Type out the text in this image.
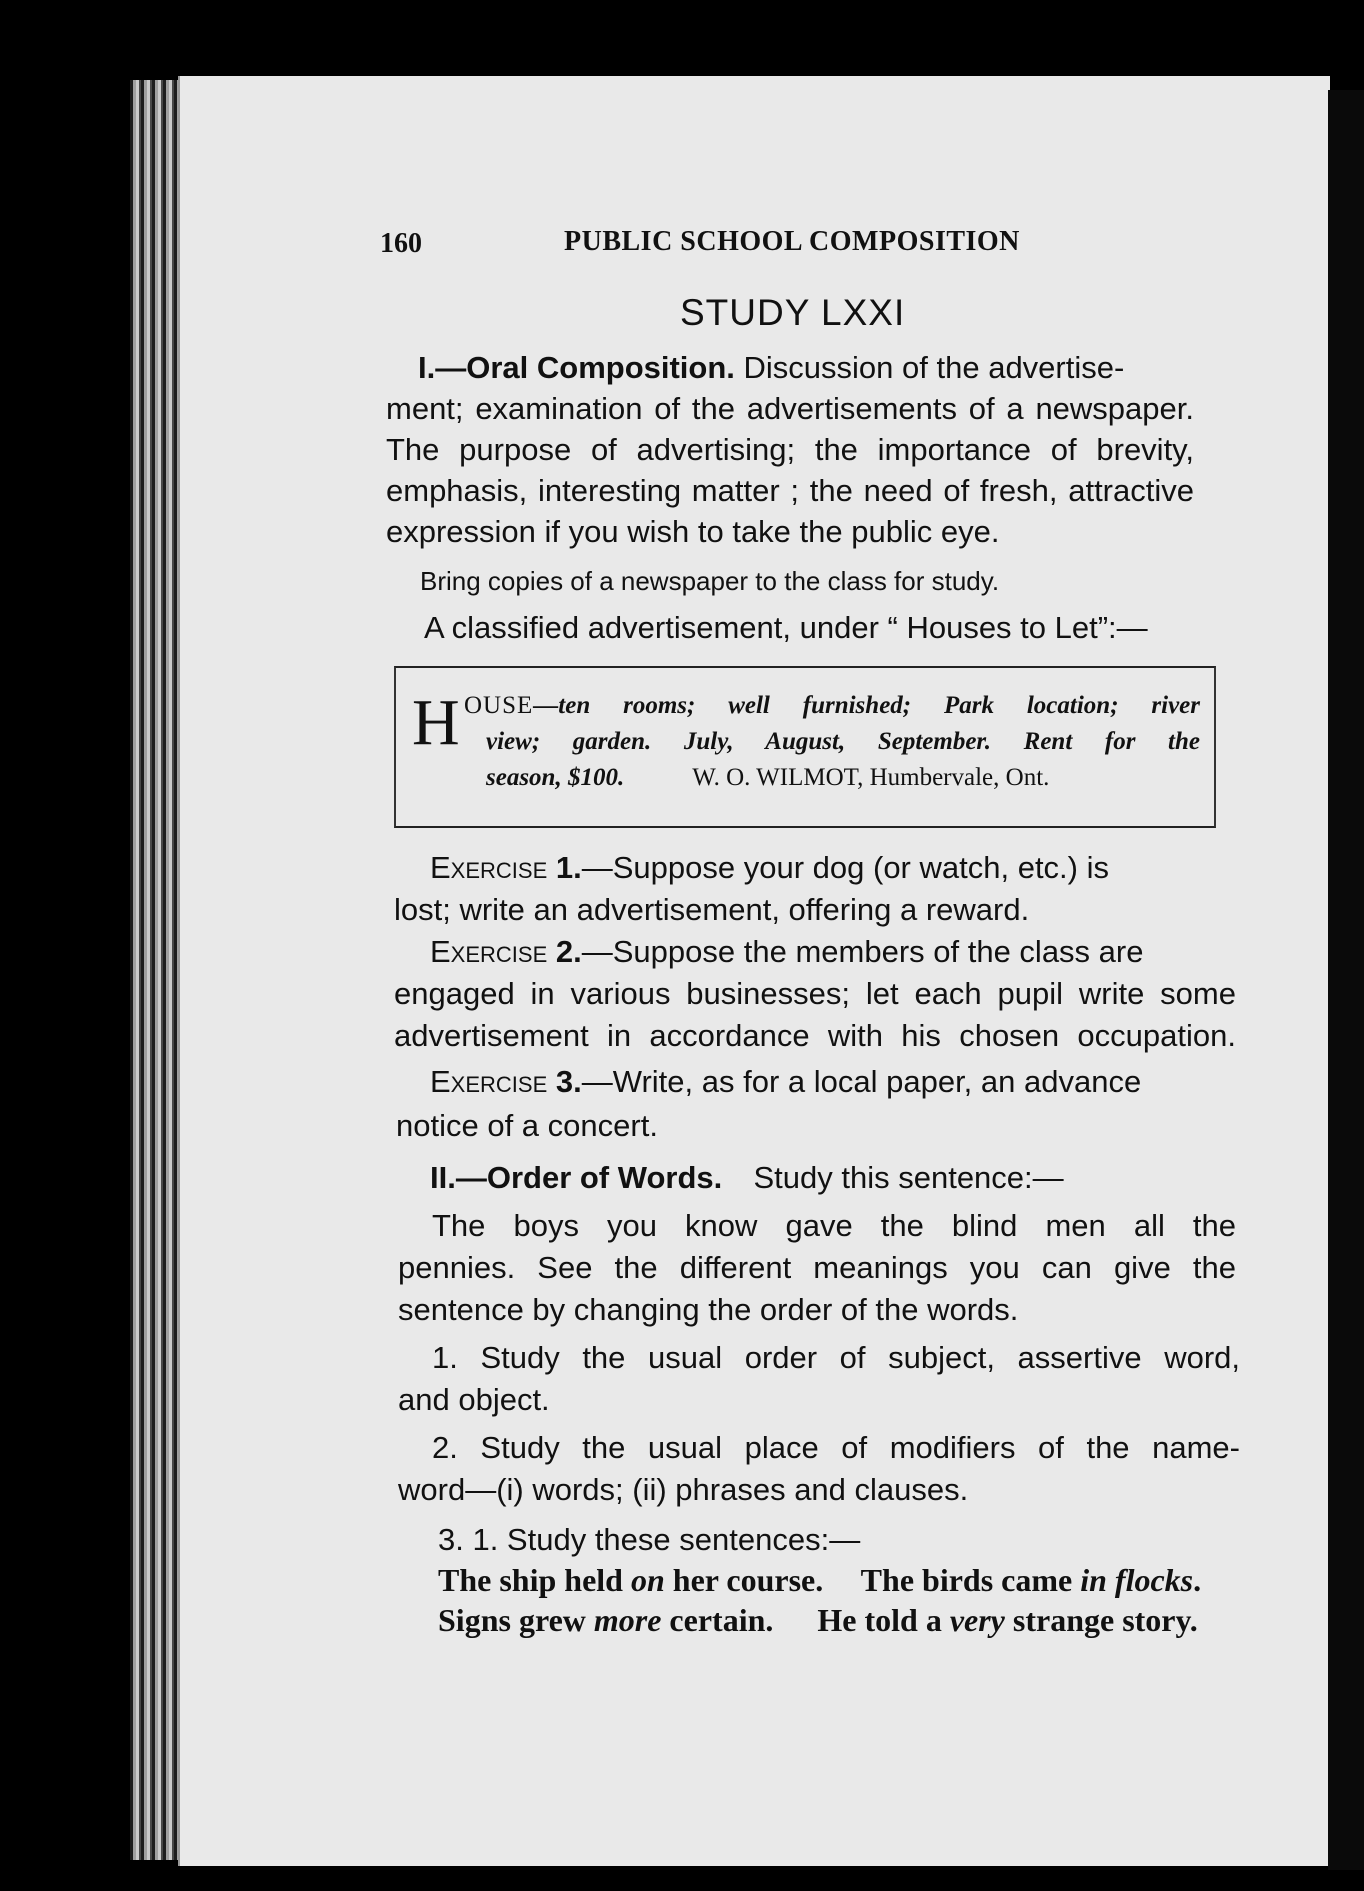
160	PUBLIC SCHOOL COMPOSITION
STUDY LXXI
I.—Oral Composition. Discussion of the advertise-
ment; examination of the advertisements of a newspaper.
The purpose of advertising; the importance of brevity,
emphasis, interesting matter ; the need of fresh, attractive
expression if you wish to take the public eye.
Bring copies of a newspaper to the class for study.
A classified advertisement, under “ Houses to Let”:—
H OUSE—ten rooms; well furnished; Park location; river
view; garden. July, August, September. Rent for the
season, $100.	W. O. WILMOT, Humbervale, Ont.
Exercise 1.—Suppose your dog (or watch, etc.) is
lost; write an advertisement, offering a reward.
Exercise 2.—Suppose the members of the class are
engaged in various businesses; let each pupil write some
advertisement in accordance with his chosen occupation.
Exercise 3.—Write, as for a local paper, an advance
notice of a concert.
II.—Order of Words. Study this sentence:—
The boys you know gave the blind men all the
pennies. See the different meanings you can give the
sentence by changing the order of the words.
1. Study the usual order of subject, assertive word,
and object.
2. Study the usual place of modifiers of the name-
word—(i) words; (ii) phrases and clauses.
3. 1. Study these sentences:—
The ship held on her course. The birds came in flocks.
Signs grew more certain. He told a very strange story.
